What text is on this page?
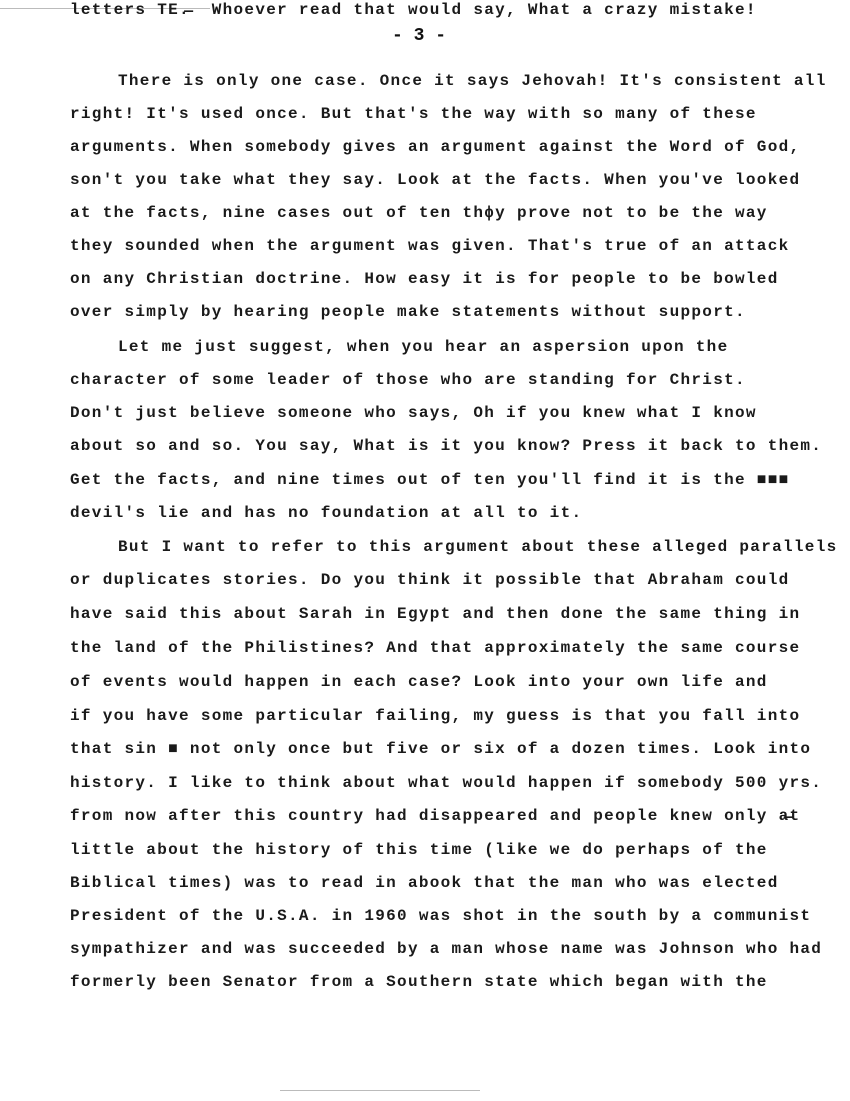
- 3 -
There is only one case. Once it says Jehovah! It's consistent all
right! It's used once. But that's the way with so many of these
arguments. When somebody gives an argument against the Word of God,
son't you take what they say. Look at the facts. When you've looked
at the facts, nine cases out of ten thɸy prove not to be the way
they sounded when the argument was given. That's true of an attack
on any Christian doctrine. How easy it is for people to be bowled
over simply by hearing people make statements without support.
Let me just suggest, when you hear an aspersion upon the
character of some leader of those who are standing for Christ.
Don't just believe someone who says, Oh if you knew what I know
about so and so. You say, What is it you know? Press it back to them.
Get the facts, and nine times out of ten you'll find it is the ■■■
devil's lie and has no foundation at all to it.
But I want to refer to this argument about these alleged parallels
or duplicates stories. Do you think it possible that Abraham could
have said this about Sarah in Egypt and then done the same thing in
the land of the Philistines? And that approximately the same course
of events would happen in each case? Look into your own life and
if you have some particular failing, my guess is that you fall into
that sin ■ not only once but five or six of a dozen times. Look into
history. I like to think about what would happen if somebody 500 yrs.
from now after this country had disappeared and people knew only a̶t
little about the history of this time (like we do perhaps of the
Biblical times) was to read in abook that the man who was elected
President of the U.S.A. in 1960 was shot in the south by a communist
sympathizer and was succeeded by a man whose name was Johnson who had
formerly been Senator from a Southern state which began with the
letters TE.̶  Whoever read that would say, What a crazy mistake!
